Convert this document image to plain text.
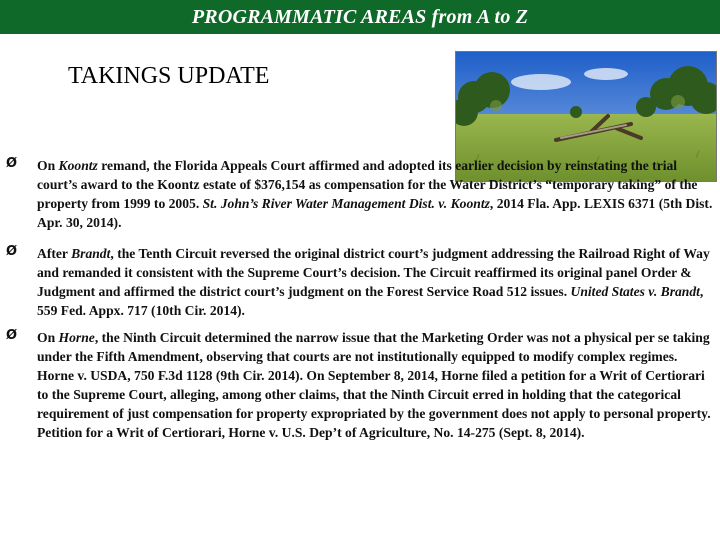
PROGRAMMATIC AREAS from A to Z
TAKINGS UPDATE
Ø On Koontz remand, the Florida Appeals Court affirmed and adopted its earlier decision by reinstating the trial court’s award to the Koontz estate of $376,154 as compensation for the Water District’s “temporary taking” of the property from 1999 to 2005. St. John’s River Water Management Dist. v. Koontz, 2014 Fla. App. LEXIS 6371 (5th Dist. Apr. 30, 2014).
Ø After Brandt, the Tenth Circuit reversed the original district court’s judgment addressing the Railroad Right of Way and remanded it consistent with the Supreme Court’s decision. The Circuit reaffirmed its original panel Order & Judgment and affirmed the district court’s judgment on the Forest Service Road 512 issues. United States v. Brandt, 559 Fed. Appx. 717 (10th Cir. 2014).
Ø On Horne, the Ninth Circuit determined the narrow issue that the Marketing Order was not a physical per se taking under the Fifth Amendment, observing that courts are not institutionally equipped to modify complex regimes. Horne v. USDA, 750 F.3d 1128 (9th Cir. 2014). On September 8, 2014, Horne filed a petition for a Writ of Certiorari to the Supreme Court, alleging, among other claims, that the Ninth Circuit erred in holding that the categorical requirement of just compensation for property expropriated by the government does not apply to personal property. Petition for a Writ of Certiorari, Horne v. U.S. Dep’t of Agriculture, No. 14-275 (Sept. 8, 2014).
